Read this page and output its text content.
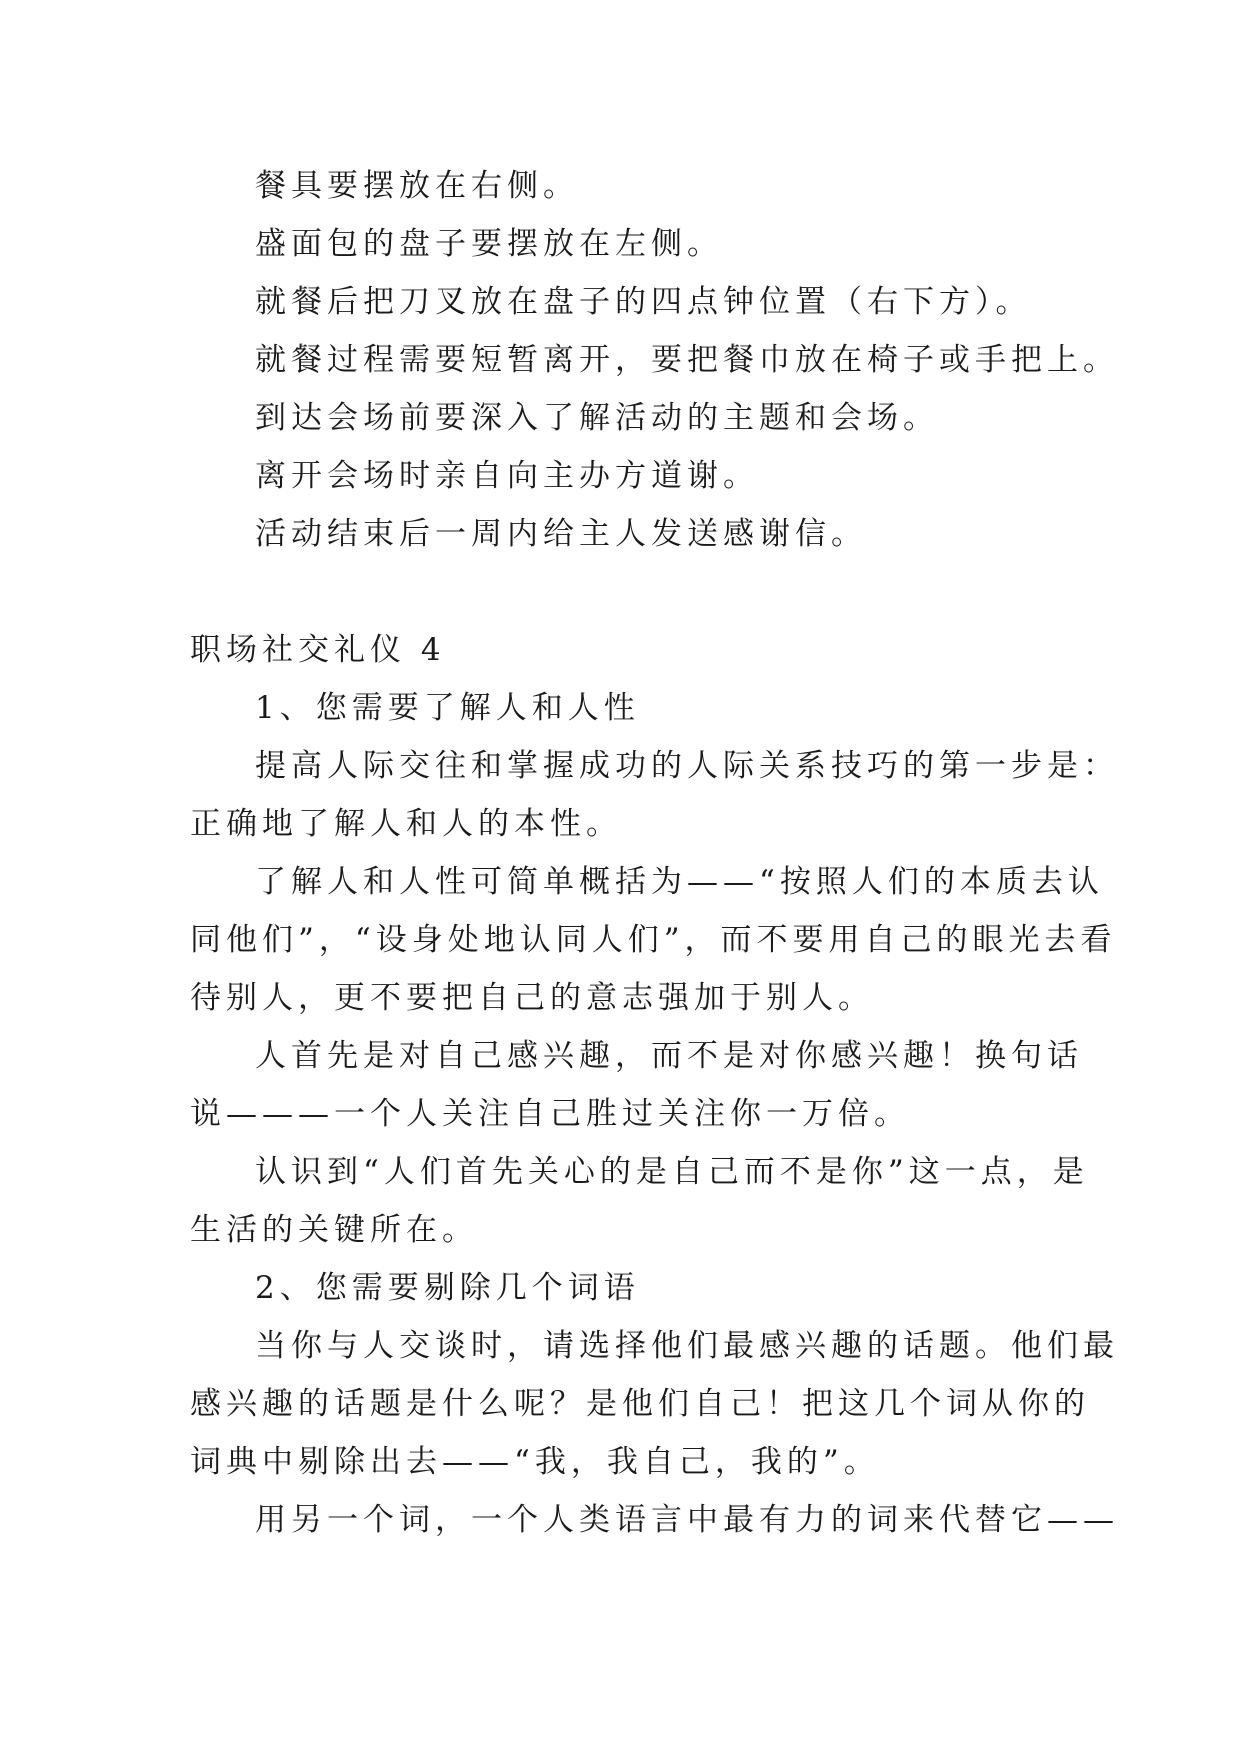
餐具要摆放在右侧。
盛面包的盘子要摆放在左侧。
就餐后把刀叉放在盘子的四点钟位置（右下方）。
就餐过程需要短暂离开，要把餐巾放在椅子或手把上。
到达会场前要深入了解活动的主题和会场。
离开会场时亲自向主办方道谢。
活动结束后一周内给主人发送感谢信。
职场社交礼仪 4
1、您需要了解人和人性
提高人际交往和掌握成功的人际关系技巧的第一步是：
正确地了解人和人的本性。
了解人和人性可简单概括为——“按照人们的本质去认
同他们”，“设身处地认同人们”，而不要用自己的眼光去看
待别人，更不要把自己的意志强加于别人。
人首先是对自己感兴趣，而不是对你感兴趣！换句话
说———一个人关注自己胜过关注你一万倍。
认识到“人们首先关心的是自己而不是你”这一点，是
生活的关键所在。
2、您需要剔除几个词语
当你与人交谈时，请选择他们最感兴趣的话题。他们最
感兴趣的话题是什么呢？是他们自己！把这几个词从你的
词典中剔除出去——“我，我自己，我的”。
用另一个词，一个人类语言中最有力的词来代替它——
